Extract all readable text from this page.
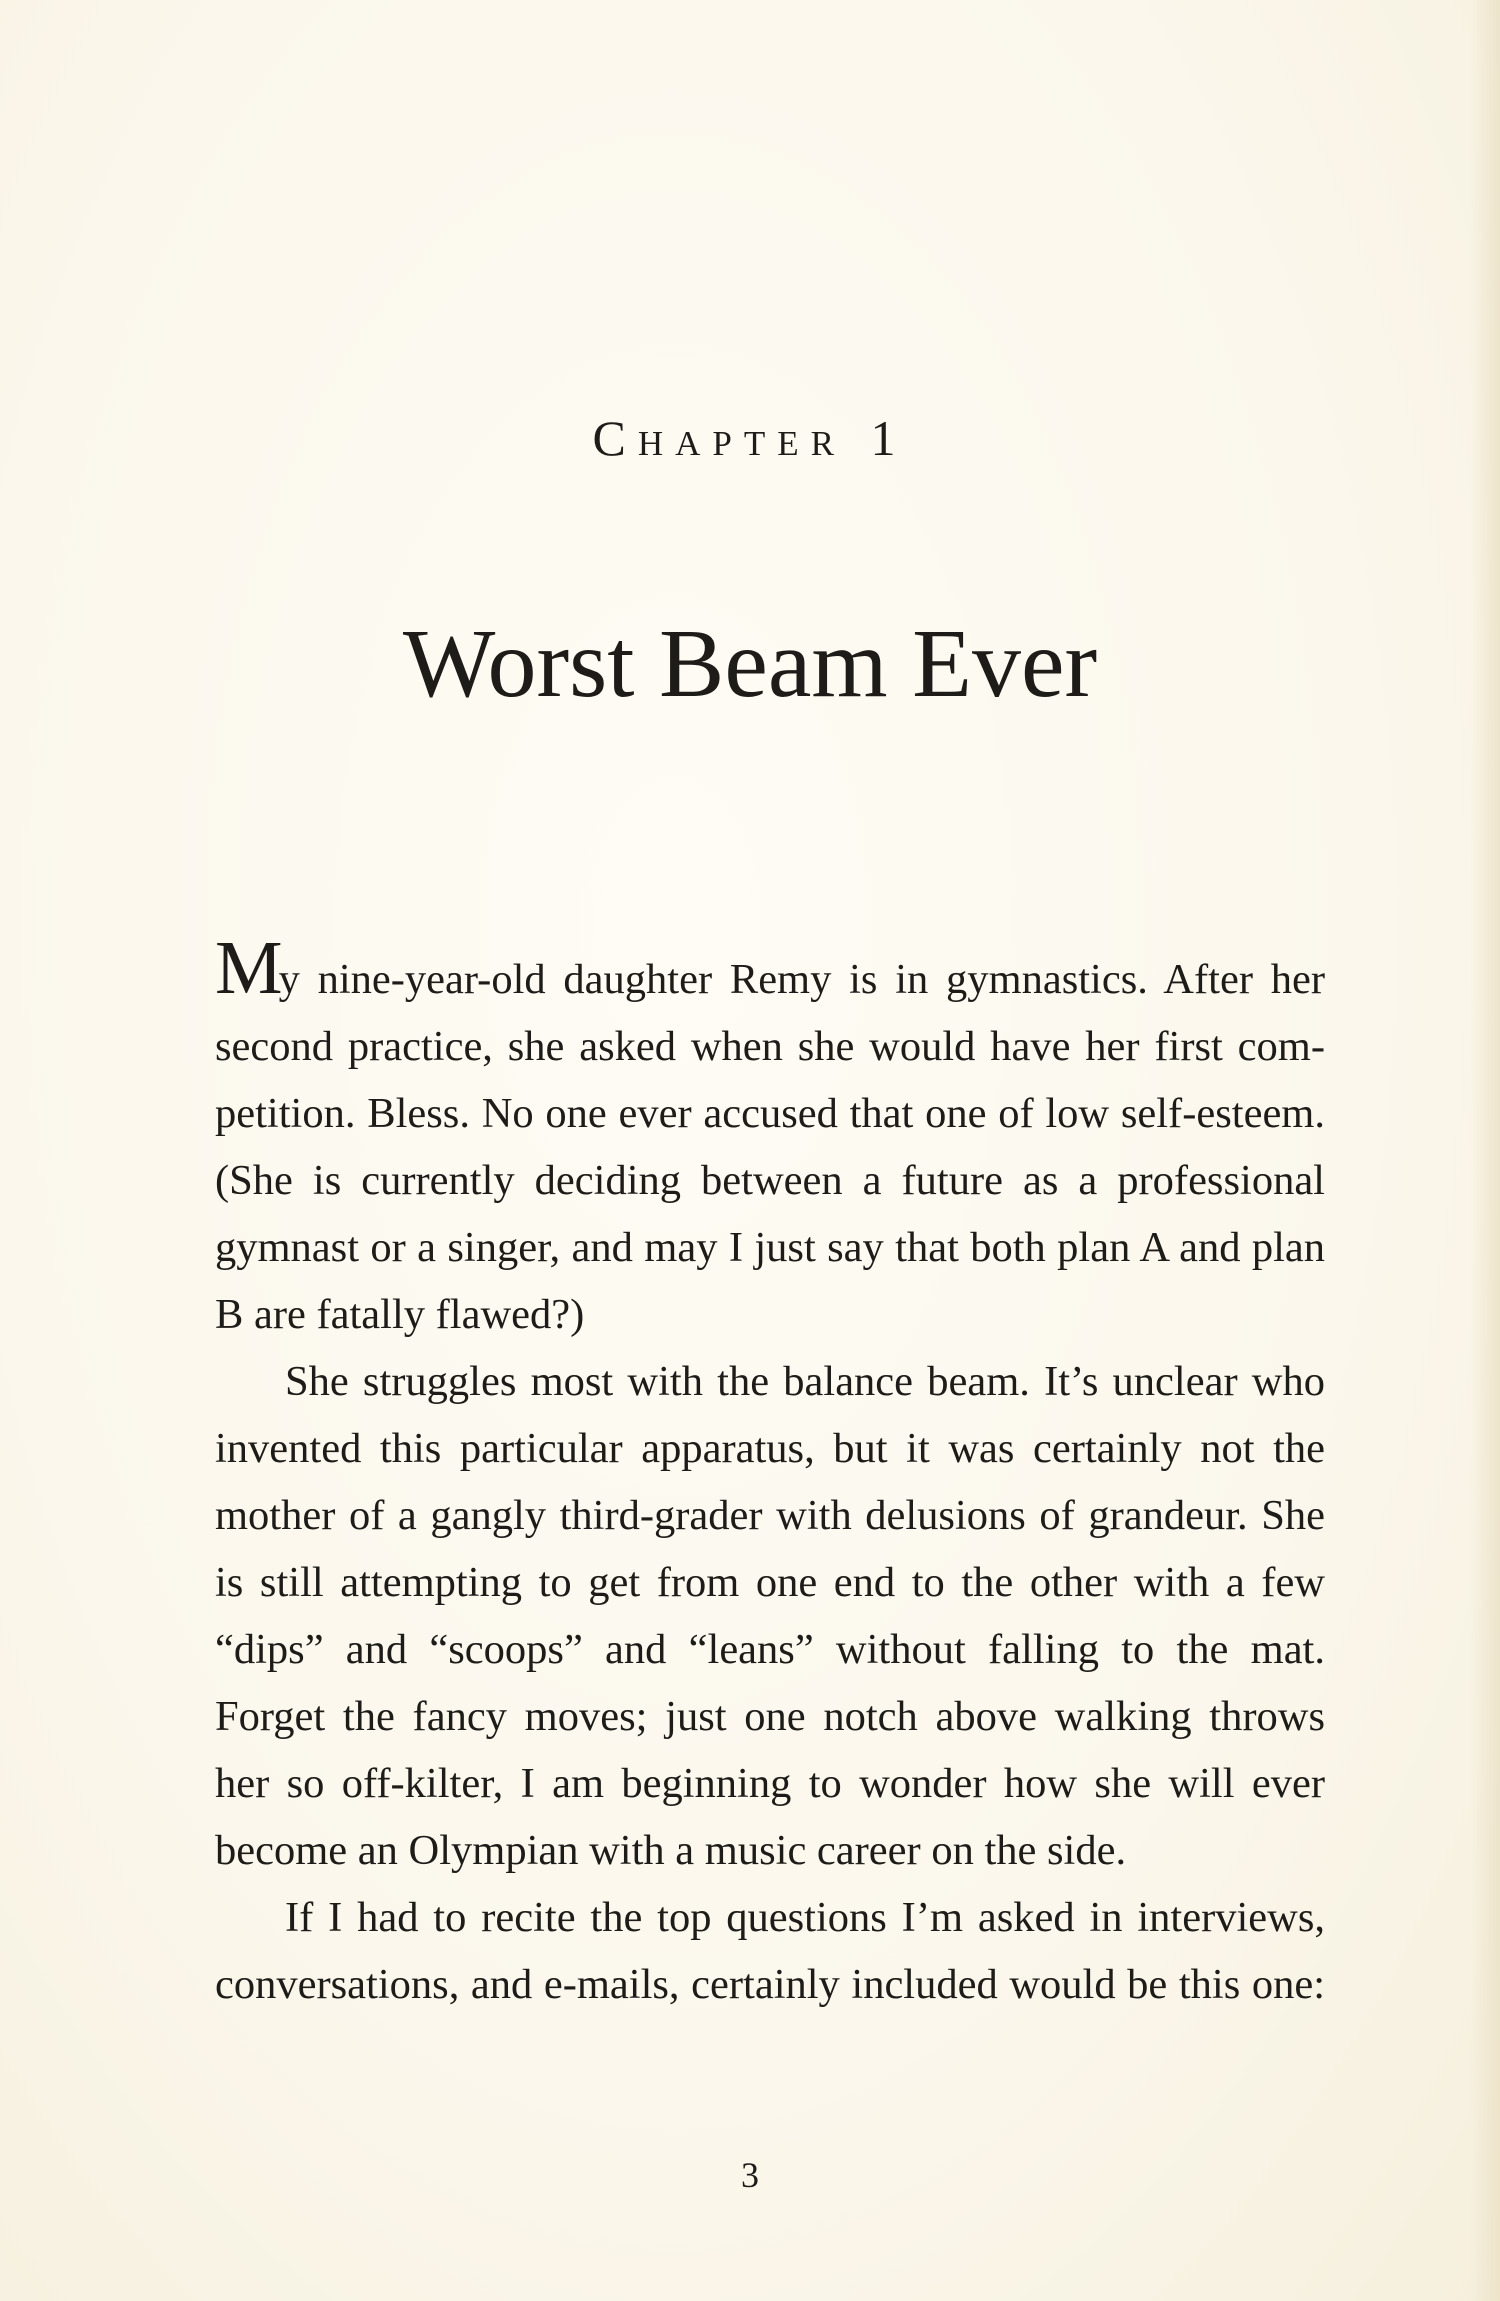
Chapter 1
Worst Beam Ever

My nine-year-old daughter Remy is in gymnastics. After her second practice, she asked when she would have her first competition. Bless. No one ever accused that one of low self-esteem. (She is currently deciding between a future as a professional gymnast or a singer, and may I just say that both plan A and plan B are fatally flawed?)

She struggles most with the balance beam. It’s unclear who invented this particular apparatus, but it was certainly not the mother of a gangly third-grader with delusions of grandeur. She is still attempting to get from one end to the other with a few “dips” and “scoops” and “leans” without falling to the mat. Forget the fancy moves; just one notch above walking throws her so off-kilter, I am beginning to wonder how she will ever become an Olympian with a music career on the side.

If I had to recite the top questions I’m asked in interviews, conversations, and e-mails, certainly included would be this one:

3
